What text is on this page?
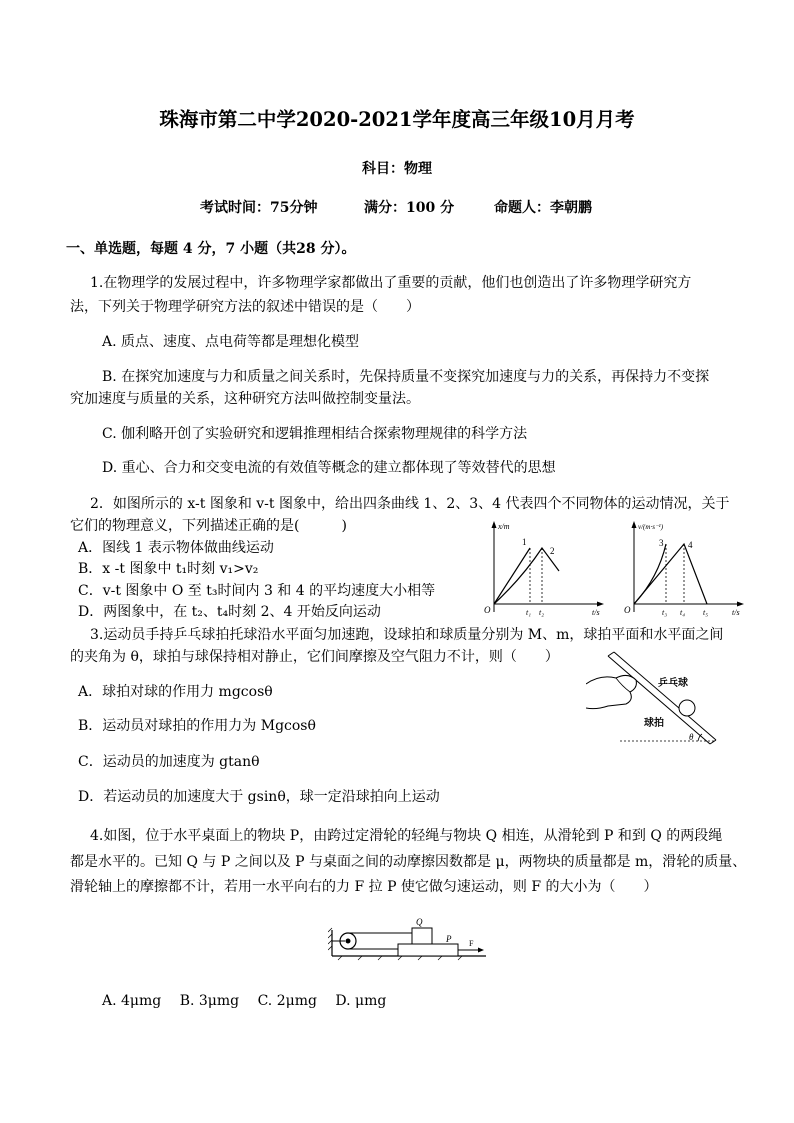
珠海市第二中学2020-2021学年度高三年级10月月考
科目：物理
考试时间：75分钟	满分：100 分	命题人：李朝鹏
一、单选题，每题 4 分，7 小题（共28 分）。
1.在物理学的发展过程中，许多物理学家都做出了重要的贡献，他们也创造出了许多物理学研究方
法，下列关于物理学研究方法的叙述中错误的是（　　）
A. 质点、速度、点电荷等都是理想化模型
B. 在探究加速度与力和质量之间关系时，先保持质量不变探究加速度与力的关系，再保持力不变探
究加速度与质量的关系，这种研究方法叫做控制变量法。
C. 伽利略开创了实验研究和逻辑推理相结合探索物理规律的科学方法
D. 重心、合力和交变电流的有效值等概念的建立都体现了等效替代的思想
2．如图所示的 x-t 图象和 v-t 图象中，给出四条曲线 1、2、3、4 代表四个不同物体的运动情况，关于
它们的物理意义，下列描述正确的是(　　　)
A．图线 1 表示物体做曲线运动
B．x -t 图象中 t₁时刻 v₁>v₂
C．v-t 图象中 O 至 t₃时间内 3 和 4 的平均速度大小相等
D．两图象中，在 t₂、t₄时刻 2、4 开始反向运动
x/m
t/s
O
1
2
t₁ t₂
v/(m·s⁻¹)
t/s
O
3	4
t₃ t₄ t₅
3.运动员手持乒乓球拍托球沿水平面匀加速跑，设球拍和球质量分别为 M、m，球拍平面和水平面之间
的夹角为 θ，球拍与球保持相对静止，它们间摩擦及空气阻力不计，则（　　）
A．球拍对球的作用力 mgcosθ
B．运动员对球拍的作用力为 Mgcosθ
C．运动员的加速度为 gtanθ
D．若运动员的加速度大于 gsinθ，球一定沿球拍向上运动
θ
乒乓球
球拍
4.如图，位于水平桌面上的物块 P，由跨过定滑轮的轻绳与物块 Q 相连，从滑轮到 P 和到 Q 的两段绳
都是水平的。已知 Q 与 P 之间以及 P 与桌面之间的动摩擦因数都是 μ，两物块的质量都是 m，滑轮的质量、
滑轮轴上的摩擦都不计，若用一水平向右的力 F 拉 P 使它做匀速运动，则 F 的大小为（　　）
Q
P F
A. 4μmg　 B. 3μmg　 C. 2μmg　 D. μmg
